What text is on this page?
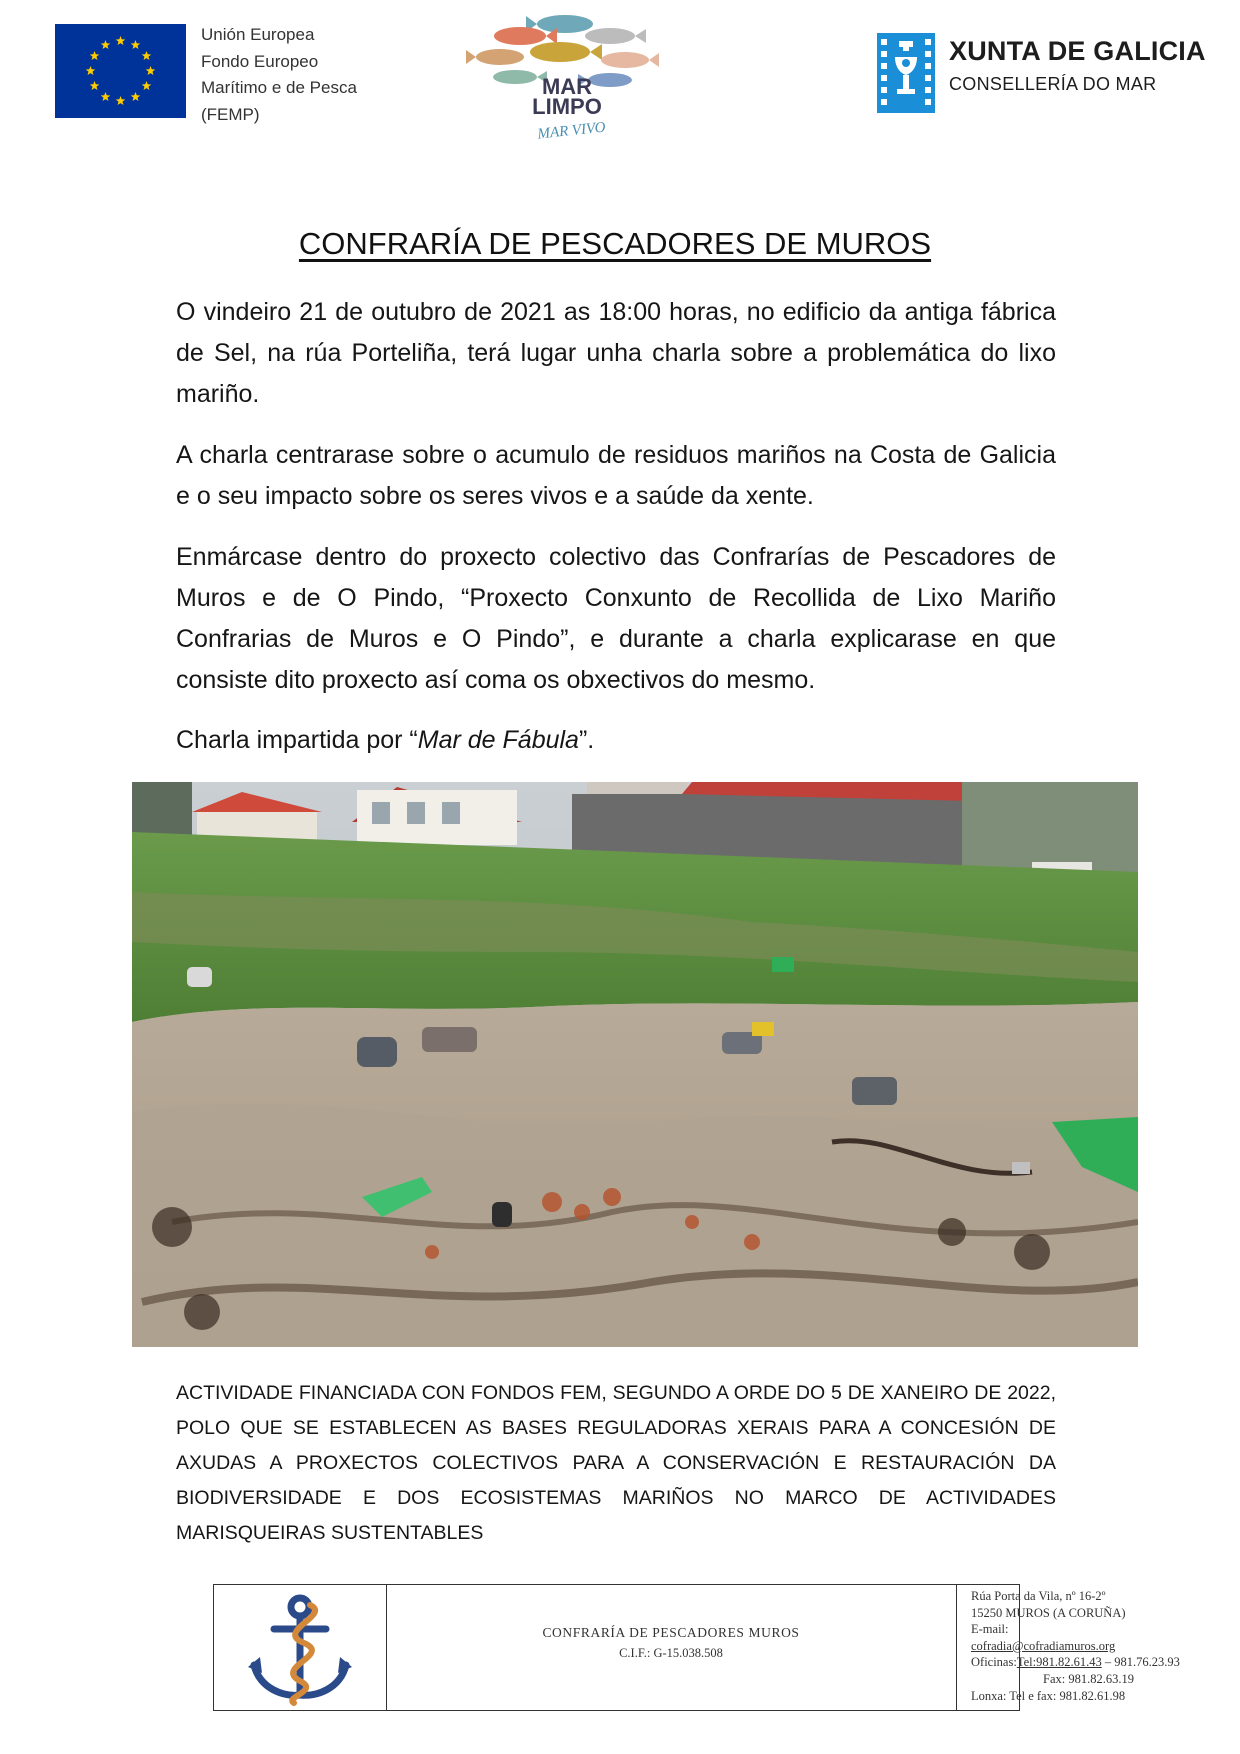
Unión Europea
Fondo Europeo
Marítimo e de Pesca
(FEMP)
MAR
LIMPO
MAR VIVO
XUNTA DE GALICIA
CONSELLERÍA DO MAR
CONFRARÍA DE PESCADORES DE MUROS
O vindeiro 21 de outubro de 2021 as 18:00 horas, no edificio da antiga fábrica de Sel, na rúa Porteliña, terá lugar unha charla sobre a problemática do lixo mariño.
A charla centrarase sobre o acumulo de residuos mariños na Costa de Galicia e o seu impacto sobre os seres vivos e a saúde da xente.
Enmárcase dentro do proxecto colectivo das Confrarías de Pescadores de Muros e de O Pindo, “Proxecto Conxunto de Recollida de Lixo Mariño Confrarias de Muros e O Pindo”, e durante a charla explicarase en que consiste dito proxecto así coma os obxectivos do mesmo.
Charla impartida por “Mar de Fábula”.
ACTIVIDADE FINANCIADA CON FONDOS FEM, SEGUNDO A ORDE DO 5 DE XANEIRO DE 2022, POLO QUE SE ESTABLECEN AS BASES REGULADORAS XERAIS PARA A CONCESIÓN DE AXUDAS A PROXECTOS COLECTIVOS PARA A CONSERVACIÓN E RESTAURACIÓN DA BIODIVERSIDADE E DOS ECOSISTEMAS MARIÑOS NO MARCO DE ACTIVIDADES MARISQUEIRAS SUSTENTABLES
CONFRARÍA DE PESCADORES MUROS
C.I.F.: G-15.038.508
Rúa Porta da Vila, nº 16-2º
15250 MUROS (A CORUÑA)
E-mail:
cofradia@cofradiamuros.org
Oficinas:Tel:981.82.61.43 – 981.76.23.93
Fax: 981.82.63.19
Lonxa: Tel e fax: 981.82.61.98
